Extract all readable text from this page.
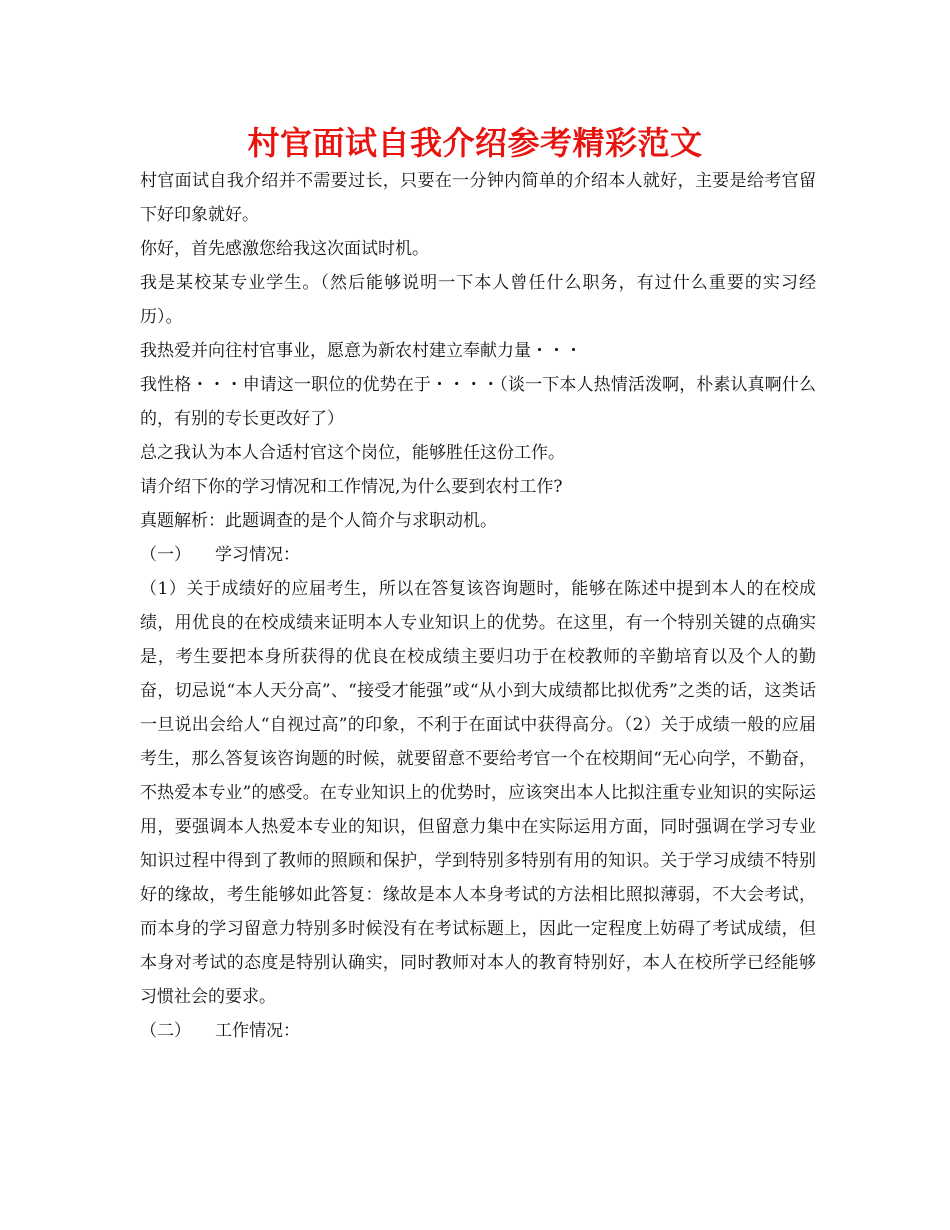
村官面试自我介绍参考精彩范文

村官面试自我介绍并不需要过长，只要在一分钟内简单的介绍本人就好，主要是给考官留下好印象就好。

你好，首先感激您给我这次面试时机。

我是某校某专业学生。（然后能够说明一下本人曾任什么职务，有过什么重要的实习经历）。

我热爱并向往村官事业，愿意为新农村建立奉献力量・・・

我性格・・・申请这一职位的优势在于・・・・（谈一下本人热情活泼啊，朴素认真啊什么的，有别的专长更改好了）

总之我认为本人合适村官这个岗位，能够胜任这份工作。

请介绍下你的学习情况和工作情况,为什么要到农村工作?

真题解析：此题调查的是个人简介与求职动机。

（一） 学习情况：

（1）关于成绩好的应届考生，所以在答复该咨询题时，能够在陈述中提到本人的在校成绩，用优良的在校成绩来证明本人专业知识上的优势。在这里，有一个特别关键的点确实是，考生要把本身所获得的优良在校成绩主要归功于在校教师的辛勤培育以及个人的勤奋，切忌说“本人天分高”、“接受才能强”或“从小到大成绩都比拟优秀”之类的话，这类话一旦说出会给人“自视过高”的印象，不利于在面试中获得高分。（2）关于成绩一般的应届考生，那么答复该咨询题的时候，就要留意不要给考官一个在校期间“无心向学，不勤奋，不热爱本专业”的感受。在专业知识上的优势时，应该突出本人比拟注重专业知识的实际运用，要强调本人热爱本专业的知识，但留意力集中在实际运用方面，同时强调在学习专业知识过程中得到了教师的照顾和保护，学到特别多特别有用的知识。关于学习成绩不特别好的缘故，考生能够如此答复：缘故是本人本身考试的方法相比照拟薄弱，不大会考试，而本身的学习留意力特别多时候没有在考试标题上，因此一定程度上妨碍了考试成绩，但本身对考试的态度是特别认确实，同时教师对本人的教育特别好，本人在校所学已经能够习惯社会的要求。

（二） 工作情况：
